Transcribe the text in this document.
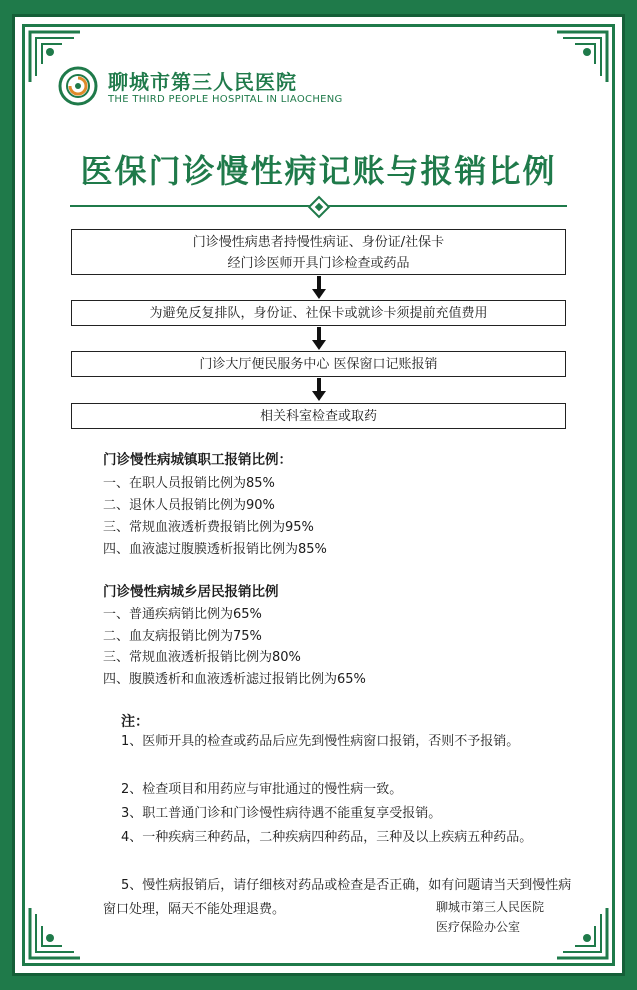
聊城市第三人民医院
THE THIRD PEOPLE HOSPITAL IN LIAOCHENG
医保门诊慢性病记账与报销比例
门诊慢性病患者持慢性病证、身份证/社保卡
经门诊医师开具门诊检查或药品
为避免反复排队，身份证、社保卡或就诊卡须提前充值费用
门诊大厅便民服务中心 医保窗口记账报销
相关科室检查或取药
门诊慢性病城镇职工报销比例：
一、在职人员报销比例为85%
二、退休人员报销比例为90%
三、常规血液透析费报销比例为95%
四、血液滤过腹膜透析报销比例为85%
门诊慢性病城乡居民报销比例
一、普通疾病销比例为65%
二、血友病报销比例为75%
三、常规血液透析报销比例为80%
四、腹膜透析和血液透析滤过报销比例为65%
注：
1、医师开具的检查或药品后应先到慢性病窗口报销，否则不予报销。
2、检查项目和用药应与审批通过的慢性病一致。
3、职工普通门诊和门诊慢性病待遇不能重复享受报销。
4、一种疾病三种药品，二种疾病四种药品，三种及以上疾病五种药品。
5、慢性病报销后，请仔细核对药品或检查是否正确，如有问题请当天到慢性病窗口处理，隔天不能处理退费。	聊城市第三人民医院
医疗保险办公室
